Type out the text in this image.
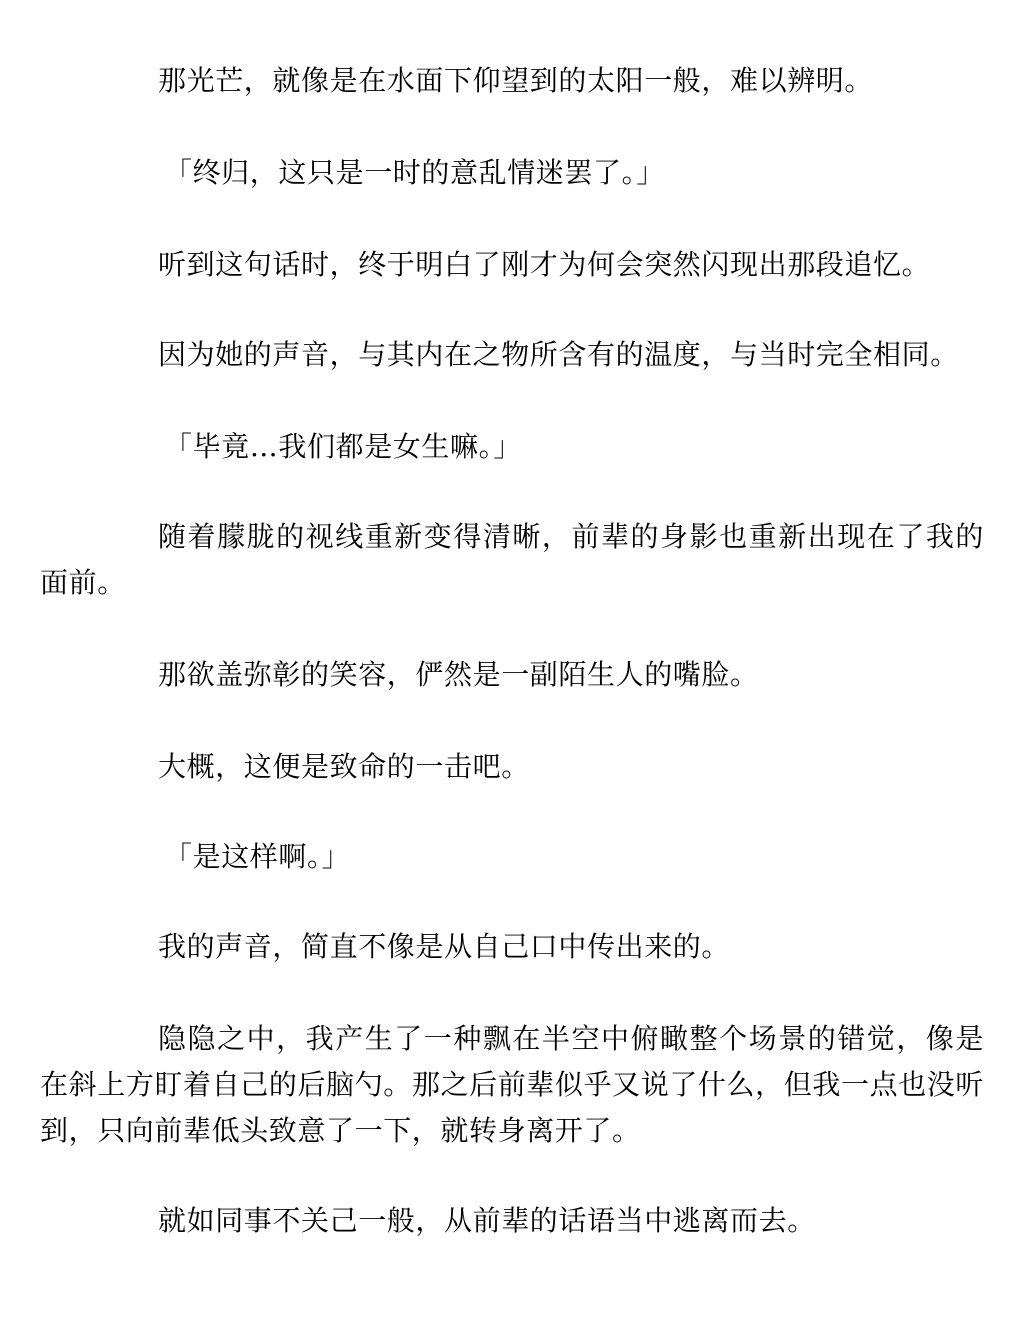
那光芒，就像是在水面下仰望到的太阳一般，难以辨明。

「终归，这只是一时的意乱情迷罢了。」

听到这句话时，终于明白了刚才为何会突然闪现出那段追忆。

因为她的声音，与其内在之物所含有的温度，与当时完全相同。

「毕竟…我们都是女生嘛。」

随着朦胧的视线重新变得清晰，前辈的身影也重新出现在了我的面前。

那欲盖弥彰的笑容，俨然是一副陌生人的嘴脸。

大概，这便是致命的一击吧。

「是这样啊。」

我的声音，简直不像是从自己口中传出来的。

隐隐之中，我产生了一种飘在半空中俯瞰整个场景的错觉，像是在斜上方盯着自己的后脑勺。那之后前辈似乎又说了什么，但我一点也没听到，只向前辈低头致意了一下，就转身离开了。

就如同事不关己一般，从前辈的话语当中逃离而去。
